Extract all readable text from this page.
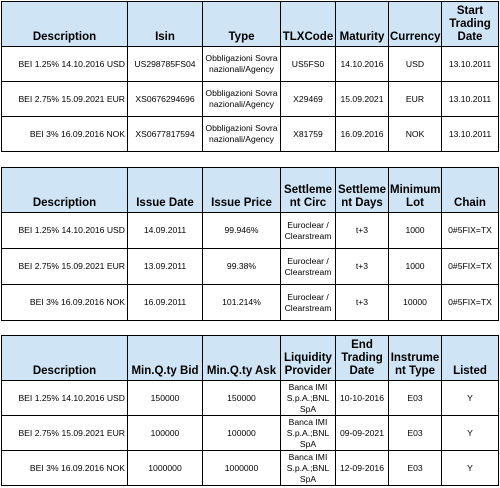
Description	Isin	Type	TLXCode	Maturity	Currency	Start Trading Date
BEI 1.25% 14.10.2016 USD	US298785FS04	Obbligazioni Sovranazionali/Agency	US5FS0	14.10.2016	USD	13.10.2011
BEI 2.75% 15.09.2021 EUR	XS0676294696	Obbligazioni Sovranazionali/Agency	X29469	15.09.2021	EUR	13.10.2011
BEI 3% 16.09.2016 NOK	XS0677817594	Obbligazioni Sovranazionali/Agency	X81759	16.09.2016	NOK	13.10.2011
Description	Issue Date	Issue Price	Settlement Circ	Settlement Days	Minimum Lot	Chain
BEI 1.25% 14.10.2016 USD	14.09.2011	99.946%	Euroclear / Clearstream	t+3	1000	0#5FIX=TX
BEI 2.75% 15.09.2021 EUR	13.09.2011	99.38%	Euroclear / Clearstream	t+3	1000	0#5FIX=TX
BEI 3% 16.09.2016 NOK	16.09.2011	101.214%	Euroclear / Clearstream	t+3	10000	0#5FIX=TX
Description	Min.Q.ty Bid	Min.Q.ty Ask	Liquidity Provider	End Trading Date	Instrument Type	Listed
BEI 1.25% 14.10.2016 USD	150000	150000	Banca IMI S.p.A.;BNL SpA	10-10-2016	E03	Y
BEI 2.75% 15.09.2021 EUR	100000	100000	Banca IMI S.p.A.;BNL SpA	09-09-2021	E03	Y
BEI 3% 16.09.2016 NOK	1000000	1000000	Banca IMI S.p.A.;BNL SpA	12-09-2016	E03	Y
